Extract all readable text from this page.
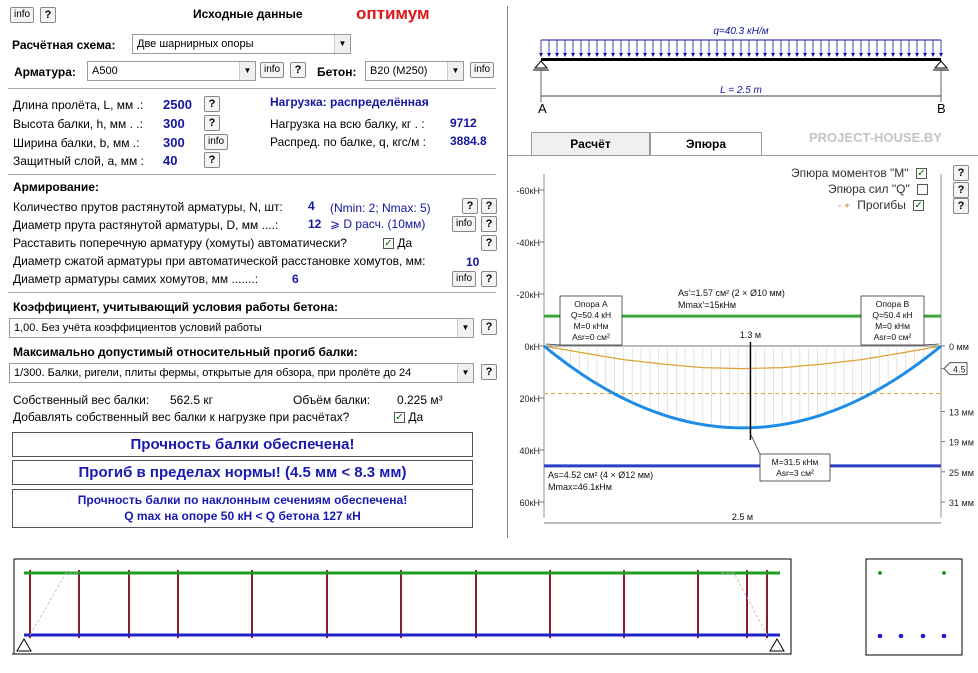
info	?	Исходные данные	оптимум
Расчётная схема:	Две шарнирных опоры	▼
Арматура:	A500	▼	info	?	Бетон:	B20 (M250)	▼	info
Длина пролёта, L, мм .: 2500	?
Высота балки, h, мм . .: 300	?
Ширина балки, b, мм .: 300	info
Защитный слой, a, мм : 40	?
Нагрузка: распределённая
Нагрузка на всю балку, кг . : 9712
Распред. по балке, q, кгс/м : 3884.8
Армирование:
Количество прутов растянутой арматуры, N, шт: 4 (Nmin: 2; Nmax: 5)	?	?
Диаметр прута растянутой арматуры, D, мм ....: 12 ⩾ D расч. (10мм)	info	?
Расставить поперечную арматуру (хомуты) автоматически?	✓ Да	?
Диаметр сжатой арматуры при автоматической расстановке хомутов, мм:	10
Диаметр арматуры самих хомутов, мм .......:	6	info	?
Коэффициент, учитывающий условия работы бетона:
1,00. Без учёта коэффициентов условий работы	▼	?
Максимально допустимый относительный прогиб балки:
1/300. Балки, ригели, плиты фермы, открытые для обзора, при пролёте до 24	▼	?
Собственный вес балки: 562.5 кг	Объём балки: 0.225 м³
Добавлять собственный вес балки к нагрузке при расчётах?	✓ Да
Прочность балки обеспечена!
Прогиб в пределах нормы! (4.5 мм < 8.3 мм)
Прочность балки по наклонным сечениям обеспечена!
Q max на опоре 50 кН < Q бетона 127 кН
q=40.3 кН/м
L = 2.5 m
A	B
Расчёт	Эпюра	PROJECT-HOUSE.BY
Эпюра моментов "M" ✓	?
Эпюра сил "Q"	?
- + Прогибы ✓	?
-60кН
-40кН
-20кН
0кН
20кН
40кН
60кН
0 мм
4.5
13 мм
19 мм
25 мм
31 мм
As'=1.57 см² (2 × Ø10 мм)
Mmax'=15кНм
As=4.52 см² (4 × Ø12 мм)
Mmax=46.1кНм
1.3 м
Опора А
Q=50.4 кН
M=0 кНм
Asr=0 см²
Опора В
Q=50.4 кН
M=0 кНм
Asr=0 см²
M=31.5 кНм
Asr=3 см²
2.5 м
